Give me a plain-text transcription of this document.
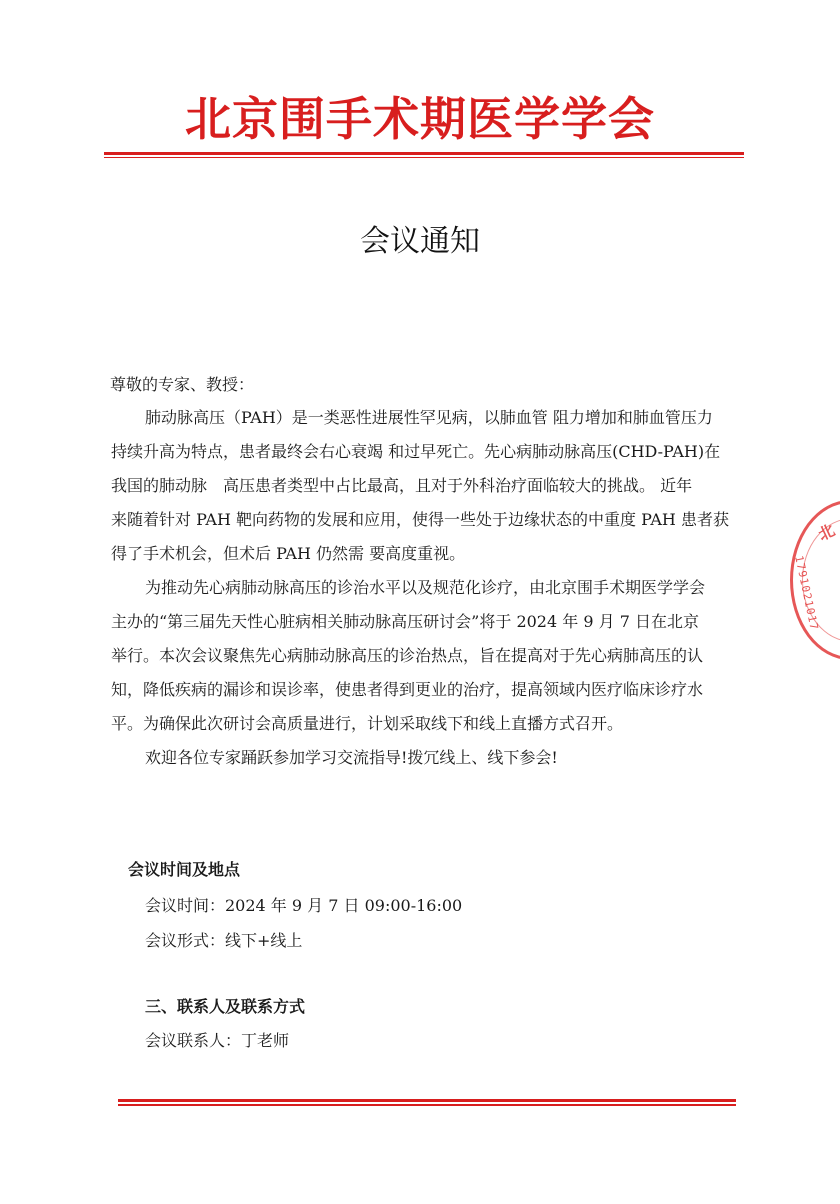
北京围手术期医学学会
会议通知
尊敬的专家、教授：
肺动脉高压（PAH）是一类恶性进展性罕见病，以肺血管 阻力增加和肺血管压力
持续升高为特点，患者最终会右心衰竭 和过早死亡。先心病肺动脉高压(CHD-PAH)在
我国的肺动脉　高压患者类型中占比最高，且对于外科治疗面临较大的挑战。 近年
来随着针对 PAH 靶向药物的发展和应用，使得一些处于边缘状态的中重度 PAH 患者获
得了手术机会，但术后 PAH 仍然需 要高度重视。
为推动先心病肺动脉高压的诊治水平以及规范化诊疗，由北京围手术期医学学会
主办的“第三届先天性心脏病相关肺动脉高压研讨会”将于 2024 年 9 月 7 日在北京
举行。本次会议聚焦先心病肺动脉高压的诊治热点，旨在提高对于先心病肺高压的认
知，降低疾病的漏诊和误诊率，使患者得到更业的治疗，提高领域内医疗临床诊疗水
平。为确保此次研讨会高质量进行，计划采取线下和线上直播方式召开。
欢迎各位专家踊跃参加学习交流指导!拨冗线上、线下参会!
会议时间及地点
会议时间：2024 年 9 月 7 日 09:00-16:00
会议形式：线下+线上
三、联系人及联系方式
会议联系人：丁老师
北
1791021017
